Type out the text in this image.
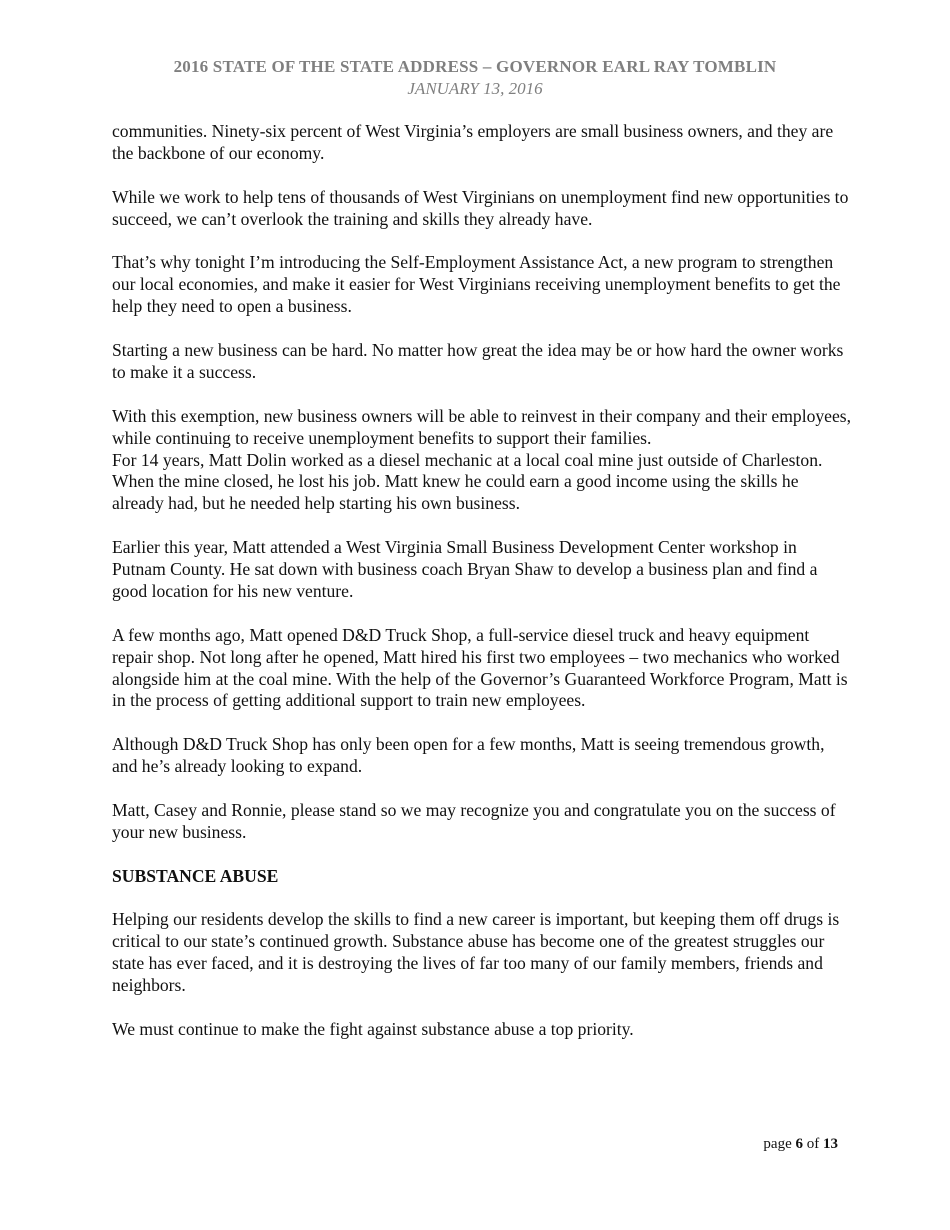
2016 STATE OF THE STATE ADDRESS – GOVERNOR EARL RAY TOMBLIN
JANUARY 13, 2016

communities. Ninety-six percent of West Virginia’s employers are small business owners, and they are the backbone of our economy.

While we work to help tens of thousands of West Virginians on unemployment find new opportunities to succeed, we can’t overlook the training and skills they already have.

That’s why tonight I’m introducing the Self-Employment Assistance Act, a new program to strengthen our local economies, and make it easier for West Virginians receiving unemployment benefits to get the help they need to open a business.

Starting a new business can be hard. No matter how great the idea may be or how hard the owner works to make it a success.

With this exemption, new business owners will be able to reinvest in their company and their employees, while continuing to receive unemployment benefits to support their families.

For 14 years, Matt Dolin worked as a diesel mechanic at a local coal mine just outside of Charleston. When the mine closed, he lost his job. Matt knew he could earn a good income using the skills he already had, but he needed help starting his own business.

Earlier this year, Matt attended a West Virginia Small Business Development Center workshop in Putnam County. He sat down with business coach Bryan Shaw to develop a business plan and find a good location for his new venture.

A few months ago, Matt opened D&D Truck Shop, a full-service diesel truck and heavy equipment repair shop. Not long after he opened, Matt hired his first two employees – two mechanics who worked alongside him at the coal mine. With the help of the Governor’s Guaranteed Workforce Program, Matt is in the process of getting additional support to train new employees.

Although D&D Truck Shop has only been open for a few months, Matt is seeing tremendous growth, and he’s already looking to expand.

Matt, Casey and Ronnie, please stand so we may recognize you and congratulate you on the success of your new business.

SUBSTANCE ABUSE

Helping our residents develop the skills to find a new career is important, but keeping them off drugs is critical to our state’s continued growth. Substance abuse has become one of the greatest struggles our state has ever faced, and it is destroying the lives of far too many of our family members, friends and neighbors.

We must continue to make the fight against substance abuse a top priority.

page 6 of 13
